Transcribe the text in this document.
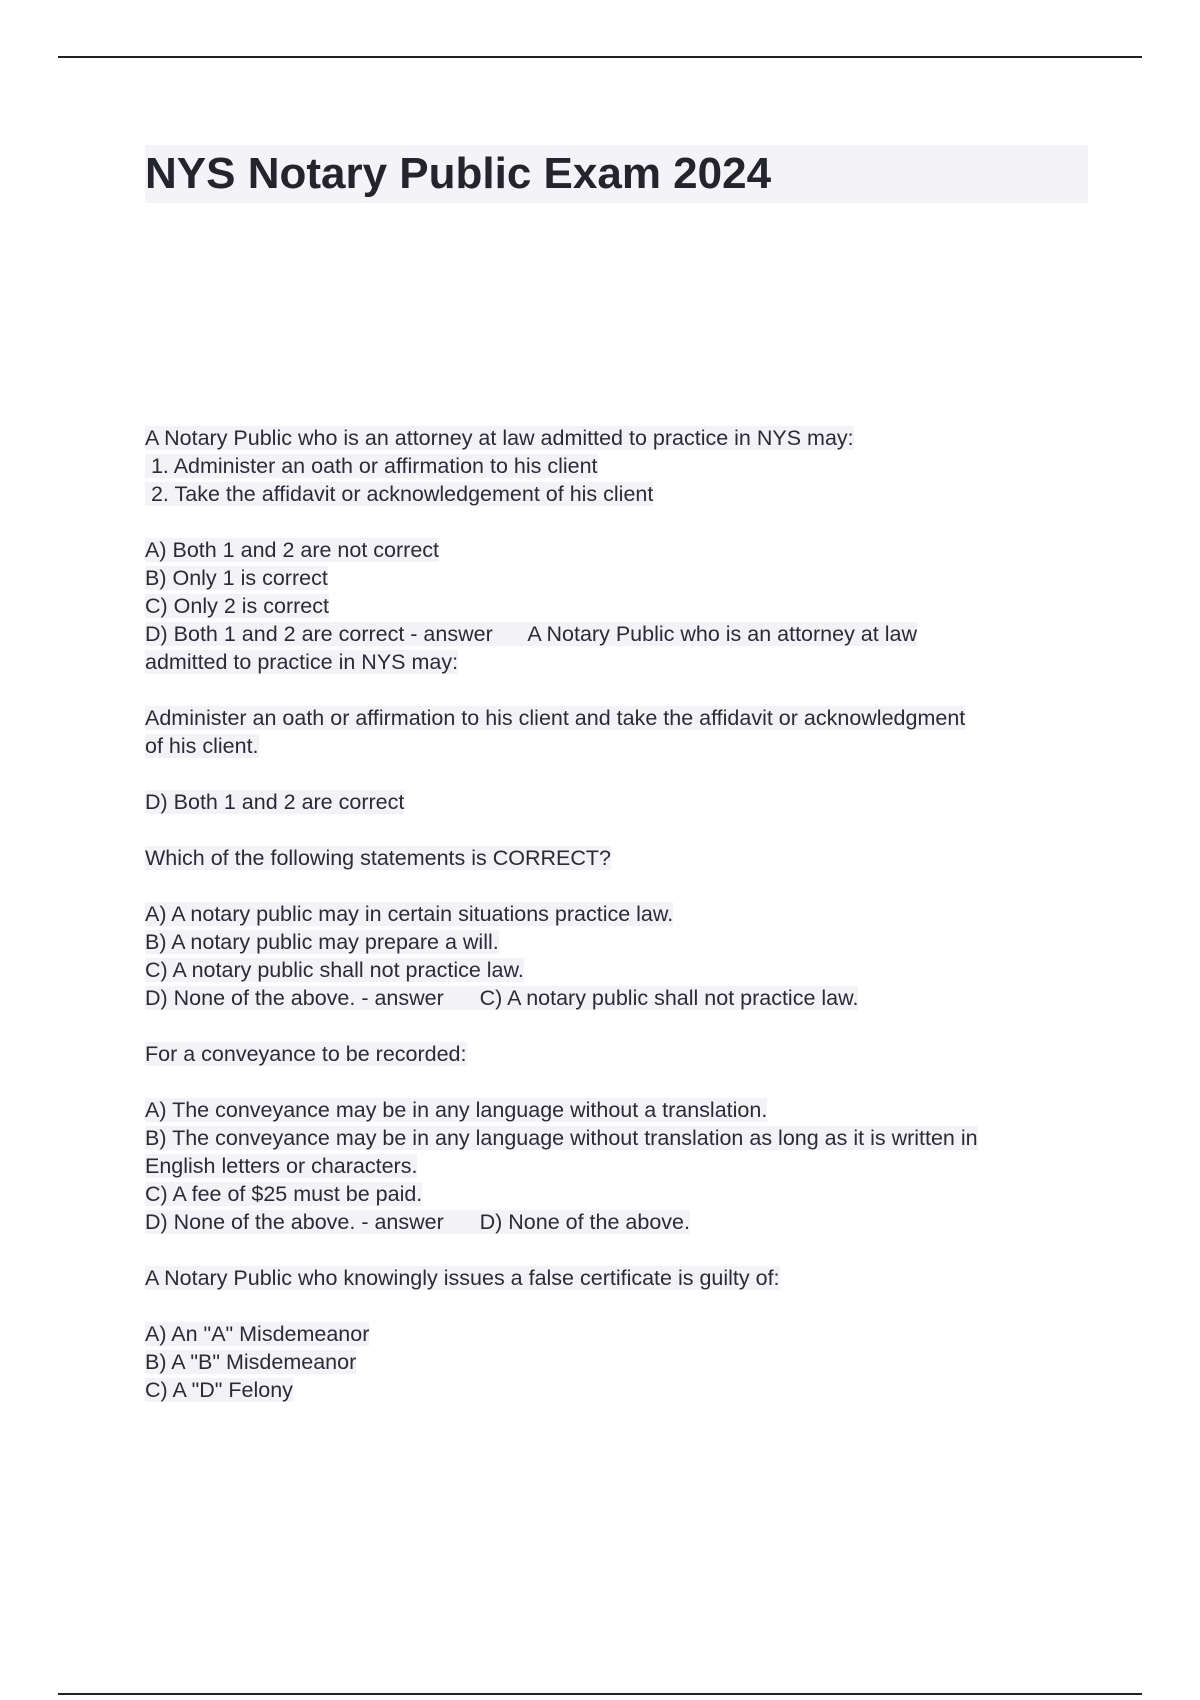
NYS Notary Public Exam 2024
A Notary Public who is an attorney at law admitted to practice in NYS may:
1. Administer an oath or affirmation to his client
2. Take the affidavit or acknowledgement of his client
A) Both 1 and 2 are not correct
B) Only 1 is correct
C) Only 2 is correct
D) Both 1 and 2 are correct - answer      A Notary Public who is an attorney at law
admitted to practice in NYS may:
Administer an oath or affirmation to his client and take the affidavit or acknowledgment
of his client.
D) Both 1 and 2 are correct
Which of the following statements is CORRECT?
A) A notary public may in certain situations practice law.
B) A notary public may prepare a will.
C) A notary public shall not practice law.
D) None of the above. - answer      C) A notary public shall not practice law.
For a conveyance to be recorded:
A) The conveyance may be in any language without a translation.
B) The conveyance may be in any language without translation as long as it is written in
English letters or characters.
C) A fee of $25 must be paid.
D) None of the above. - answer      D) None of the above.
A Notary Public who knowingly issues a false certificate is guilty of:
A) An "A" Misdemeanor
B) A "B" Misdemeanor
C) A "D" Felony
